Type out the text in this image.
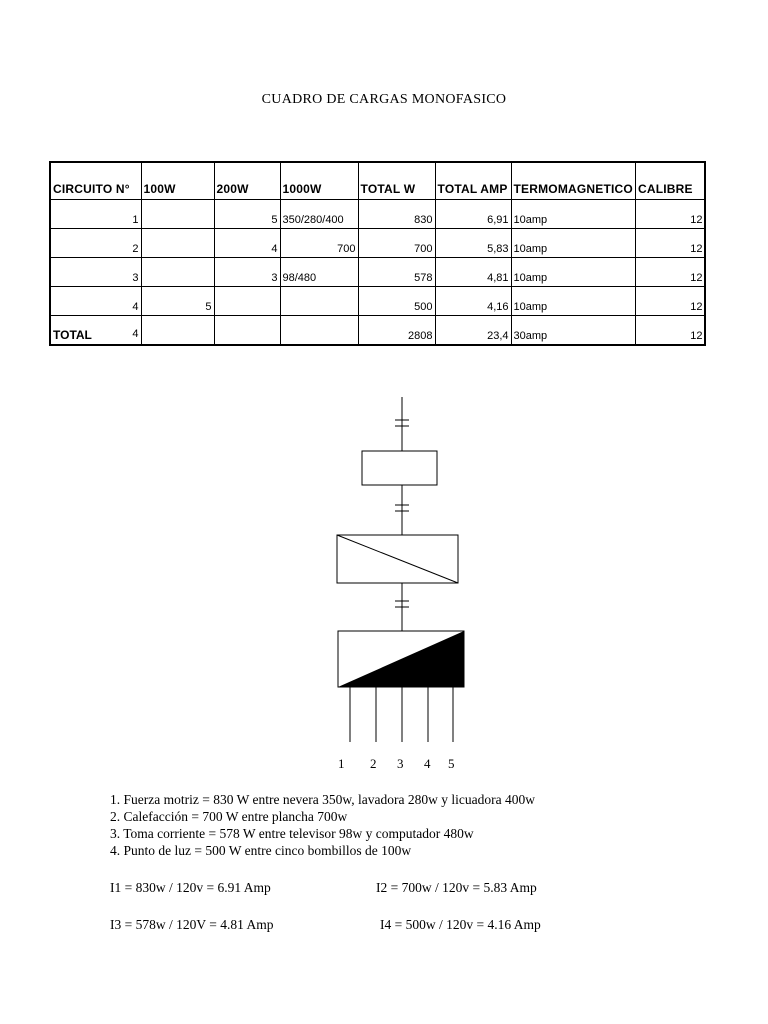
CUADRO DE CARGAS MONOFASICO
CIRCUITO N°	100W	200W	1000W	TOTAL W	TOTAL AMP	TERMOMAGNETICO	CALIBRE
1		5	350/280/400	830	6,91	10amp	12
2		4	700	700	5,83	10amp	12
3		3	98/480	578	4,81	10amp	12
4	5			500	4,16	10amp	12

TOTAL 4				2808	23,4	30amp	12
1 2 3 4 5
1. Fuerza motriz = 830 W entre nevera 350w, lavadora 280w y licuadora 400w
2. Calefacción = 700 W entre plancha 700w
3. Toma corriente = 578 W entre televisor 98w y computador 480w
4. Punto de luz = 500 W entre cinco bombillos de 100w
I1 = 830w / 120v = 6.91 Amp	I2 = 700w / 120v = 5.83 Amp
I3 = 578w / 120V = 4.81 Amp	I4 = 500w / 120v = 4.16 Amp
